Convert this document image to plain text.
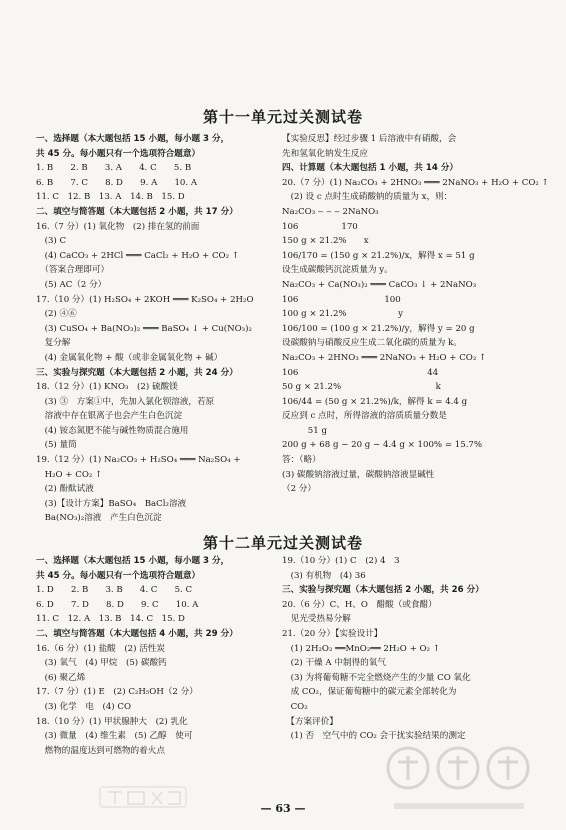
第十一单元过关测试卷
一、选择题（本大题包括 15 小题，每小题 3 分，
共 45 分。每小题只有一个选项符合题意）
1. B　　2. B　　3. A　　4. C　　5. B
6. B　　7. C　　8. D　　9. A　　10. A
11. C　12. B　13. A　14. B　15. D
二、填空与简答题（本大题包括 2 小题，共 17 分）
16.（7 分）(1) 氧化物　(2) 排在氢的前面
　(3) C
　(4) CaCO₃ + 2HCl ═══ CaCl₂ + H₂O + CO₂ ↑
　（答案合理即可）
　(5) AC（2 分）
17.（10 分）(1) H₂SO₄ + 2KOH ═══ K₂SO₄ + 2H₂O
　(2) ④⑥
　(3) CuSO₄ + Ba(NO₃)₂ ═══ BaSO₄ ↓ + Cu(NO₃)₂
　复分解
　(4) 金属氧化物 + 酸（或非金属氧化物 + 碱）
三、实验与探究题（本大题包括 2 小题，共 24 分）
18.（12 分）(1) KNO₃　(2) 硫酸镁
　(3) ③　方案①中，先加入氯化钡溶液，若原
　溶液中存在银离子也会产生白色沉淀
　(4) 铵态氮肥不能与碱性物质混合施用
　(5) 量筒
19.（12 分）(1) Na₂CO₃ + H₂SO₄ ═══ Na₂SO₄ +
　H₂O + CO₂ ↑
　(2) 酚酞试液
　(3)【设计方案】BaSO₄　BaCl₂溶液
　Ba(NO₃)₂溶液　产生白色沉淀
【实验反思】经过步骤 1 后溶液中有硝酸，会
先和氢氧化钠发生反应
四、计算题（本大题包括 1 小题，共 14 分）
20.（7 分）(1) Na₂CO₃ + 2HNO₃ ═══ 2NaNO₃ + H₂O + CO₂ ↑
　(2) 设 c 点时生成硝酸钠的质量为 x，则：
Na₂CO₃ ‒ ‒ ‒ 2NaNO₃
106　　　　　170
150 g × 21.2%　　x
106/170 = (150 g × 21.2%)/x，解得 x = 51 g
设生成碳酸钙沉淀质量为 y。
Na₂CO₃ + Ca(NO₃)₂ ═══ CaCO₃ ↓ + 2NaNO₃
106　　　　　　　　　　100
100 g × 21.2%　　　　　　y
106/100 = (100 g × 21.2%)/y，解得 y = 20 g
设碳酸钠与硝酸反应生成二氧化碳的质量为 k。
Na₂CO₃ + 2HNO₃ ═══ 2NaNO₃ + H₂O + CO₂ ↑
106　　　　　　　　　　　　　　　44
50 g × 21.2%　　　　　　　　　　　k
106/44 = (50 g × 21.2%)/k，解得 k = 4.4 g
反应到 c 点时，所得溶液的溶质质量分数是
　　　51 g
200 g + 68 g − 20 g − 4.4 g × 100% = 15.7%
答：（略）
(3) 碳酸钠溶液过量，碳酸钠溶液显碱性
（2 分）
第十二单元过关测试卷
一、选择题（本大题包括 15 小题，每小题 3 分，
共 45 分。每小题只有一个选项符合题意）
1. D　　2. B　　3. B　　4. C　　5. C
6. D　　7. D　　8. D　　9. C　　10. A
11. C　12. A　13. B　14. C　15. D
二、填空与简答题（本大题包括 4 小题，共 29 分）
16.（6 分）(1) 盐酸　(2) 活性炭
　(3) 氧气　(4) 甲烷　(5) 碳酸钙
　(6) 聚乙烯
17.（7 分）(1) E　(2) C₂H₅OH（2 分）
　(3) 化学　电　(4) CO
18.（10 分）(1) 甲状腺肿大　(2) 乳化
　(3) 微量　(4) 维生素　(5) 乙醇　使可
　燃物的温度达到可燃物的着火点
19.（10 分）(1) C　(2) 4　3
　(3) 有机物　(4) 36
三、实验与探究题（本大题包括 2 小题，共 26 分）
20.（6 分）C、H、O　醋酸（或食醋）
　见光受热易分解
21.（20 分）【实验设计】
　(1) 2H₂O₂ ══MnO₂══ 2H₂O + O₂ ↑
　(2) 干燥 A 中制得的氧气
　(3) 为将葡萄糖不完全燃烧产生的少量 CO 氧化
　成 CO₂，保证葡萄糖中的碳元素全部转化为
　CO₂
　【方案评价】
　(1) 否　空气中的 CO₂ 会干扰实验结果的测定
— 63 —
